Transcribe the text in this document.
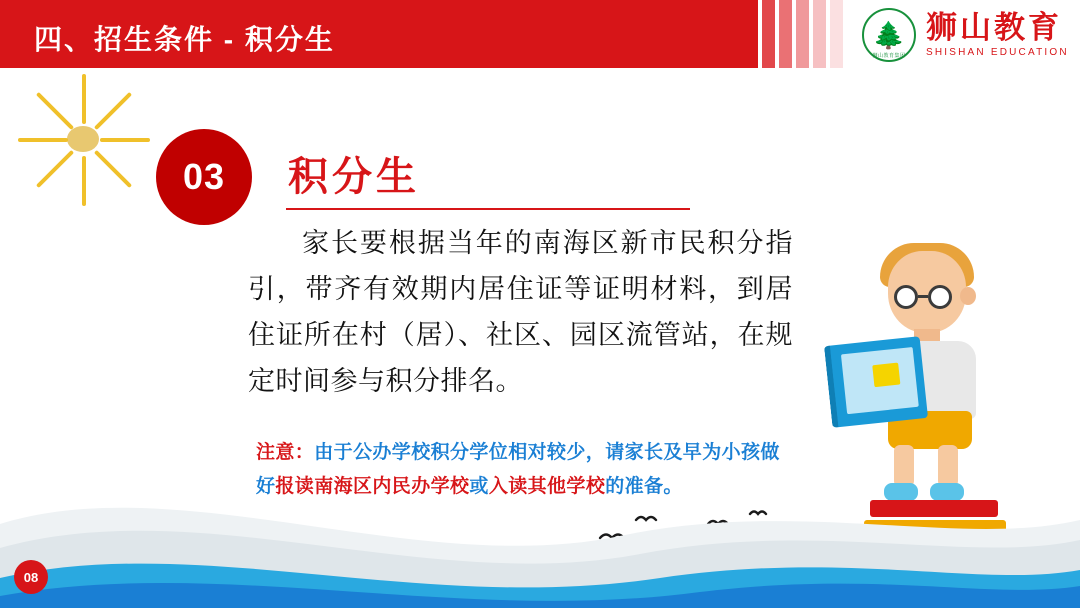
四、招生条件 - 积分生	🌲
狮山教育集团
狮山教育
SHISHAN EDUCATION
03 积分生
家长要根据当年的南海区新市民积分指引，带齐有效期内居住证等证明材料，到居住证所在村（居）、社区、园区流管站，在规定时间参与积分排名。
注意：由于公办学校积分学位相对较少，请家长及早为小孩做好报读南海区内民办学校或入读其他学校的准备。
08
